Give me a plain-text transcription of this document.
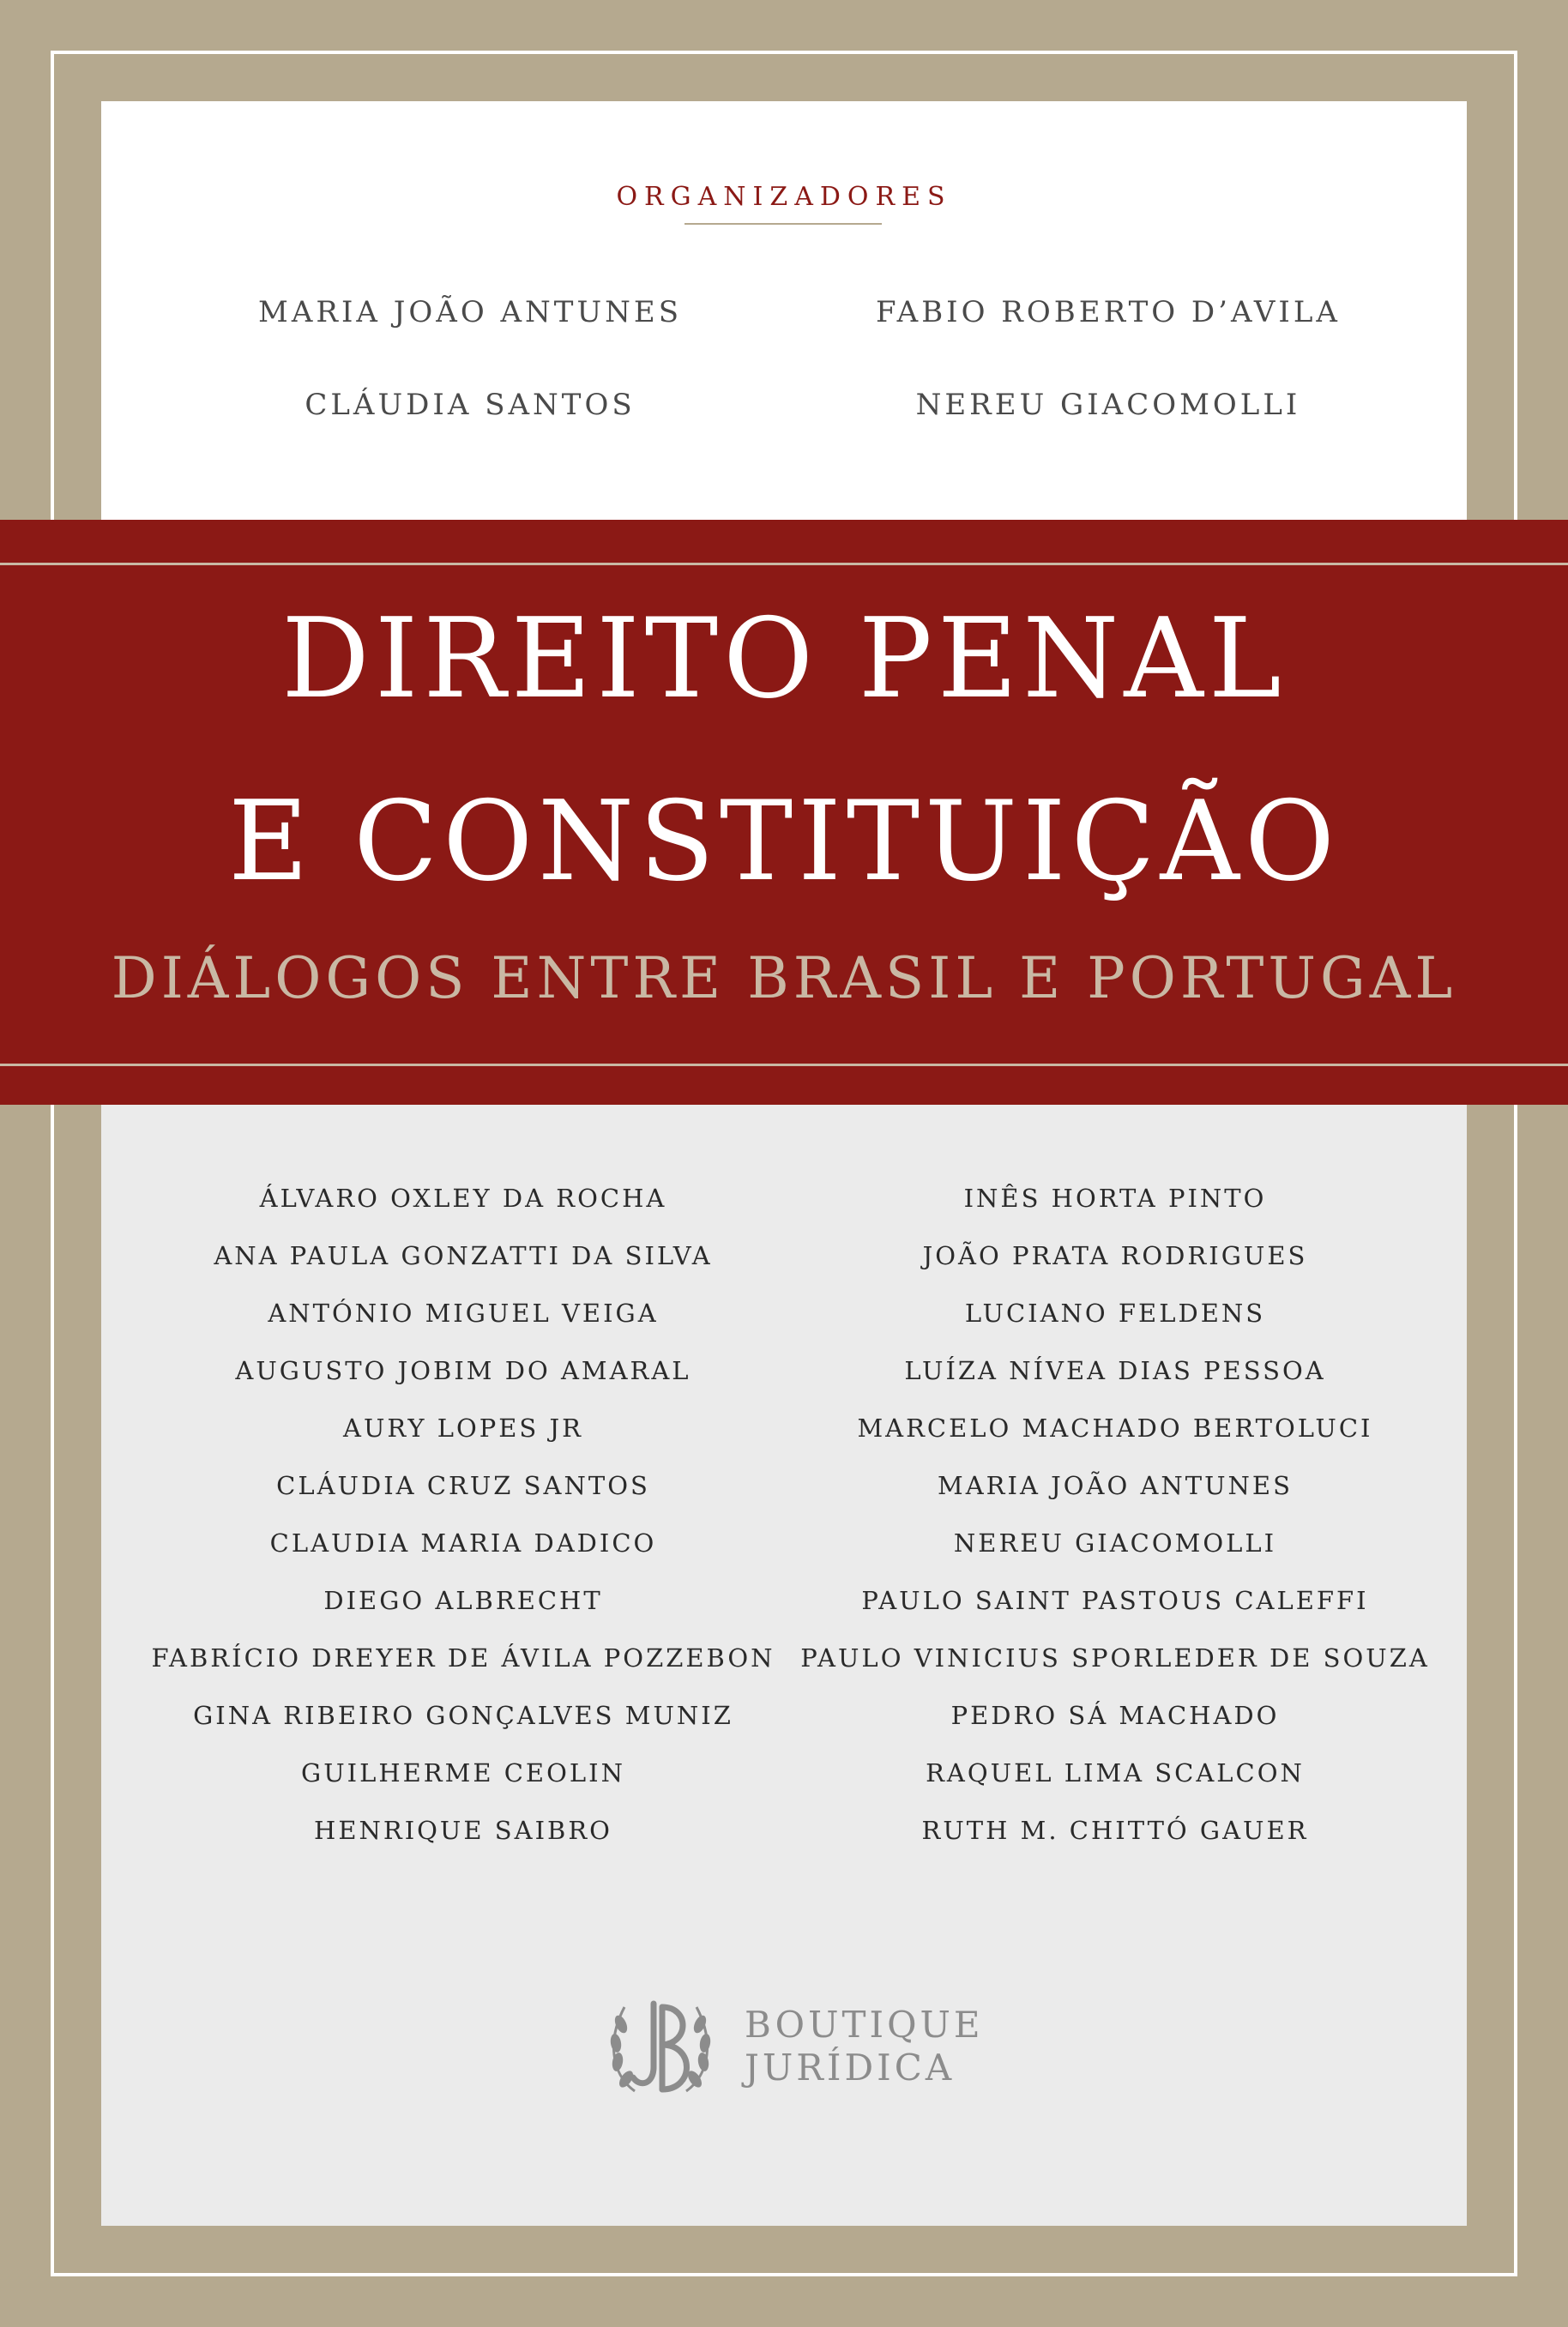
ORGANIZADORES
MARIA JOÃO ANTUNES	FABIO ROBERTO D’AVILA
CLÁUDIA SANTOS	NEREU GIACOMOLLI
DIREITO PENAL
E CONSTITUIÇÃO
DIÁLOGOS ENTRE BRASIL E PORTUGAL
ÁLVARO OXLEY DA ROCHA
ANA PAULA GONZATTI DA SILVA
ANTÓNIO MIGUEL VEIGA
AUGUSTO JOBIM DO AMARAL
AURY LOPES JR
CLÁUDIA CRUZ SANTOS
CLAUDIA MARIA DADICO
DIEGO ALBRECHT
FABRÍCIO DREYER DE ÁVILA POZZEBON
GINA RIBEIRO GONÇALVES MUNIZ
GUILHERME CEOLIN
HENRIQUE SAIBRO
INÊS HORTA PINTO
JOÃO PRATA RODRIGUES
LUCIANO FELDENS
LUÍZA NÍVEA DIAS PESSOA
MARCELO MACHADO BERTOLUCI
MARIA JOÃO ANTUNES
NEREU GIACOMOLLI
PAULO SAINT PASTOUS CALEFFI
PAULO VINICIUS SPORLEDER DE SOUZA
PEDRO SÁ MACHADO
RAQUEL LIMA SCALCON
RUTH M. CHITTÓ GAUER
BOUTIQUE
JURÍDICA
